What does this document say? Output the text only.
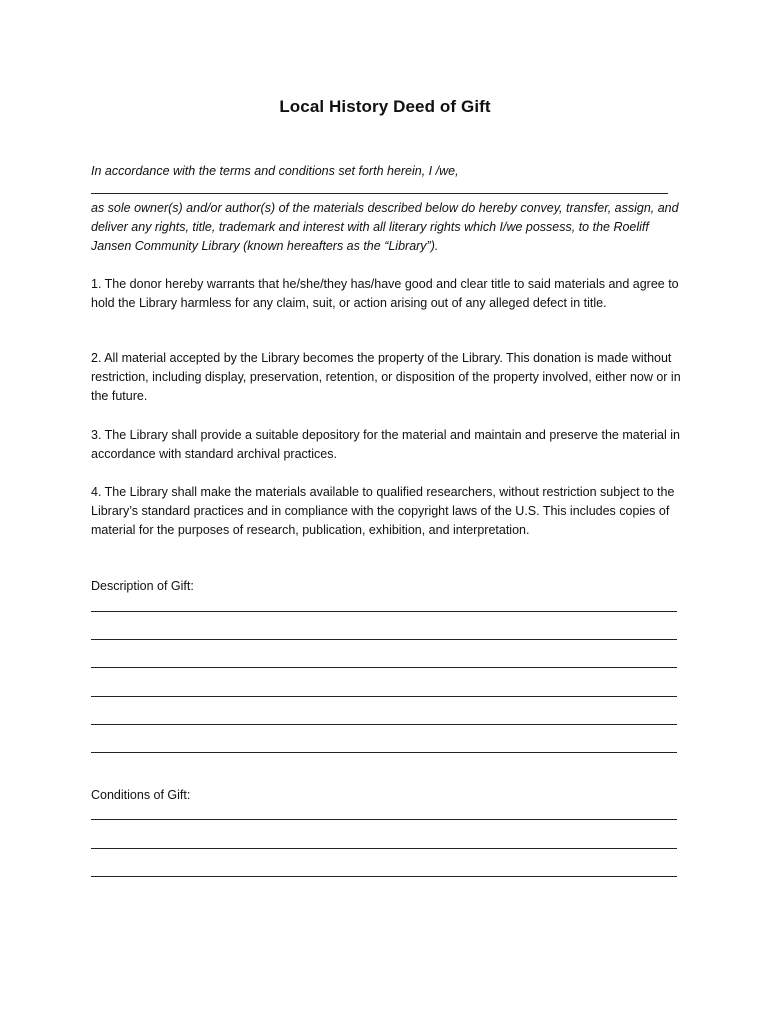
Local History Deed of Gift

In accordance with the terms and conditions set forth herein, I /we,

as sole owner(s) and/or author(s) of the materials described below do hereby convey, transfer, assign, and deliver any rights, title, trademark and interest with all literary rights which I/we possess, to the Roeliff Jansen Community Library (known hereafters as the “Library”).

1. The donor hereby warrants that he/she/they has/have good and clear title to said materials and agree to hold the Library harmless for any claim, suit, or action arising out of any alleged defect in title.

2. All material accepted by the Library becomes the property of the Library. This donation is made without restriction, including display, preservation, retention, or disposition of the property involved, either now or in the future.

3. The Library shall provide a suitable depository for the material and maintain and preserve the material in accordance with standard archival practices.

4. The Library shall make the materials available to qualified researchers, without restriction subject to the Library’s standard practices and in compliance with the copyright laws of the U.S. This includes copies of material for the purposes of research, publication, exhibition, and interpretation.

Description of Gift:

Conditions of Gift:
